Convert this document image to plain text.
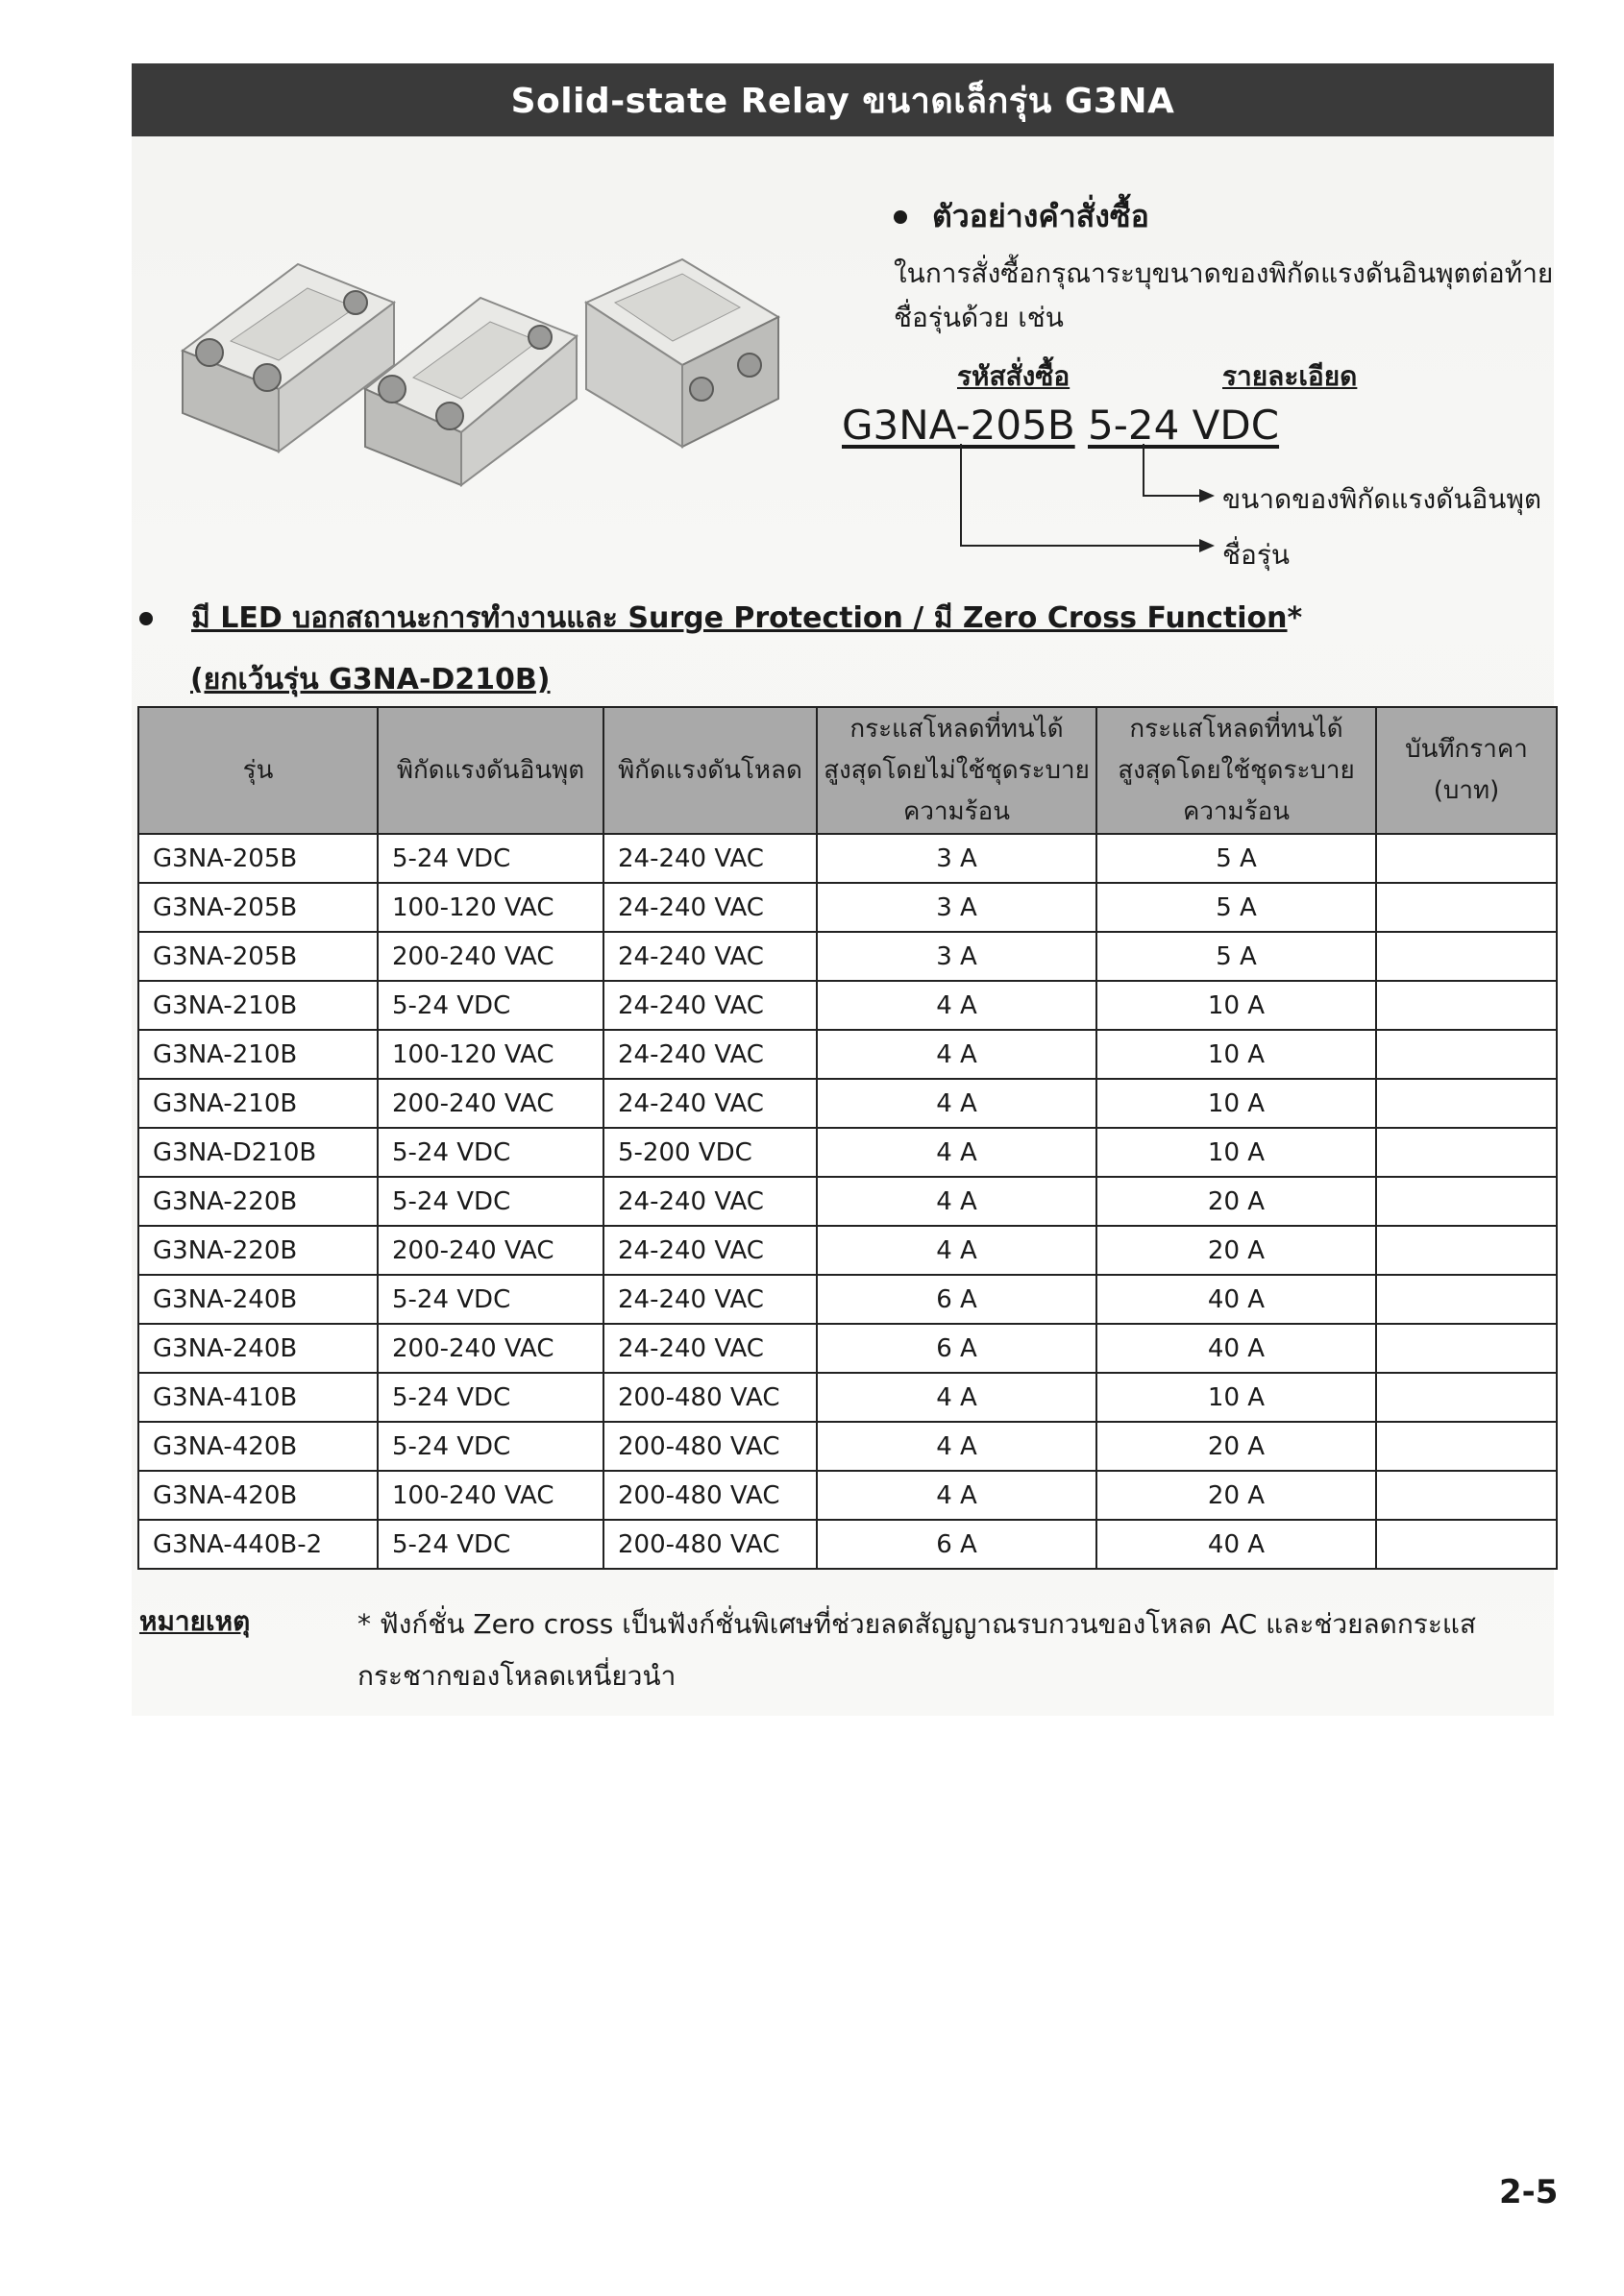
Solid-state Relay ขนาดเล็กรุ่น G3NA
ตัวอย่างคำสั่งซื้อ
ในการสั่งซื้อกรุณาระบุขนาดของพิกัดแรงดันอินพุตต่อท้ายชื่อรุ่นด้วย เช่น
รหัสสั่งซื้อ	รายละเอียด
G3NA-205B 5-24 VDC
ขนาดของพิกัดแรงดันอินพุต
ชื่อรุ่น
มี LED บอกสถานะการทำงานและ Surge Protection / มี Zero Cross Function *
(ยกเว้นรุ่น G3NA-D210B)
รุ่น	พิกัดแรงดันอินพุต	พิกัดแรงดันโหลด	กระแสโหลดที่ทนได้สูงสุดโดยไม่ใช้ชุดระบายความร้อน	กระแสโหลดที่ทนได้สูงสุดโดยใช้ชุดระบายความร้อน	บันทึกราคา (บาท)
G3NA-205B	5-24 VDC	24-240 VAC	3 A	5 A	
G3NA-205B	100-120 VAC	24-240 VAC	3 A	5 A	
G3NA-205B	200-240 VAC	24-240 VAC	3 A	5 A	
G3NA-210B	5-24 VDC	24-240 VAC	4 A	10 A	
G3NA-210B	100-120 VAC	24-240 VAC	4 A	10 A	
G3NA-210B	200-240 VAC	24-240 VAC	4 A	10 A	
G3NA-D210B	5-24 VDC	5-200 VDC	4 A	10 A	
G3NA-220B	5-24 VDC	24-240 VAC	4 A	20 A	
G3NA-220B	200-240 VAC	24-240 VAC	4 A	20 A	
G3NA-240B	5-24 VDC	24-240 VAC	6 A	40 A	
G3NA-240B	200-240 VAC	24-240 VAC	6 A	40 A	
G3NA-410B	5-24 VDC	200-480 VAC	4 A	10 A	
G3NA-420B	5-24 VDC	200-480 VAC	4 A	20 A	
G3NA-420B	100-240 VAC	200-480 VAC	4 A	20 A	
G3NA-440B-2	5-24 VDC	200-480 VAC	6 A	40 A	
หมายเหตุ	* ฟังก์ชั่น Zero cross เป็นฟังก์ชั่นพิเศษที่ช่วยลดสัญญาณรบกวนของโหลด AC และช่วยลดกระแสกระชากของโหลดเหนี่ยวนำ
2-5
